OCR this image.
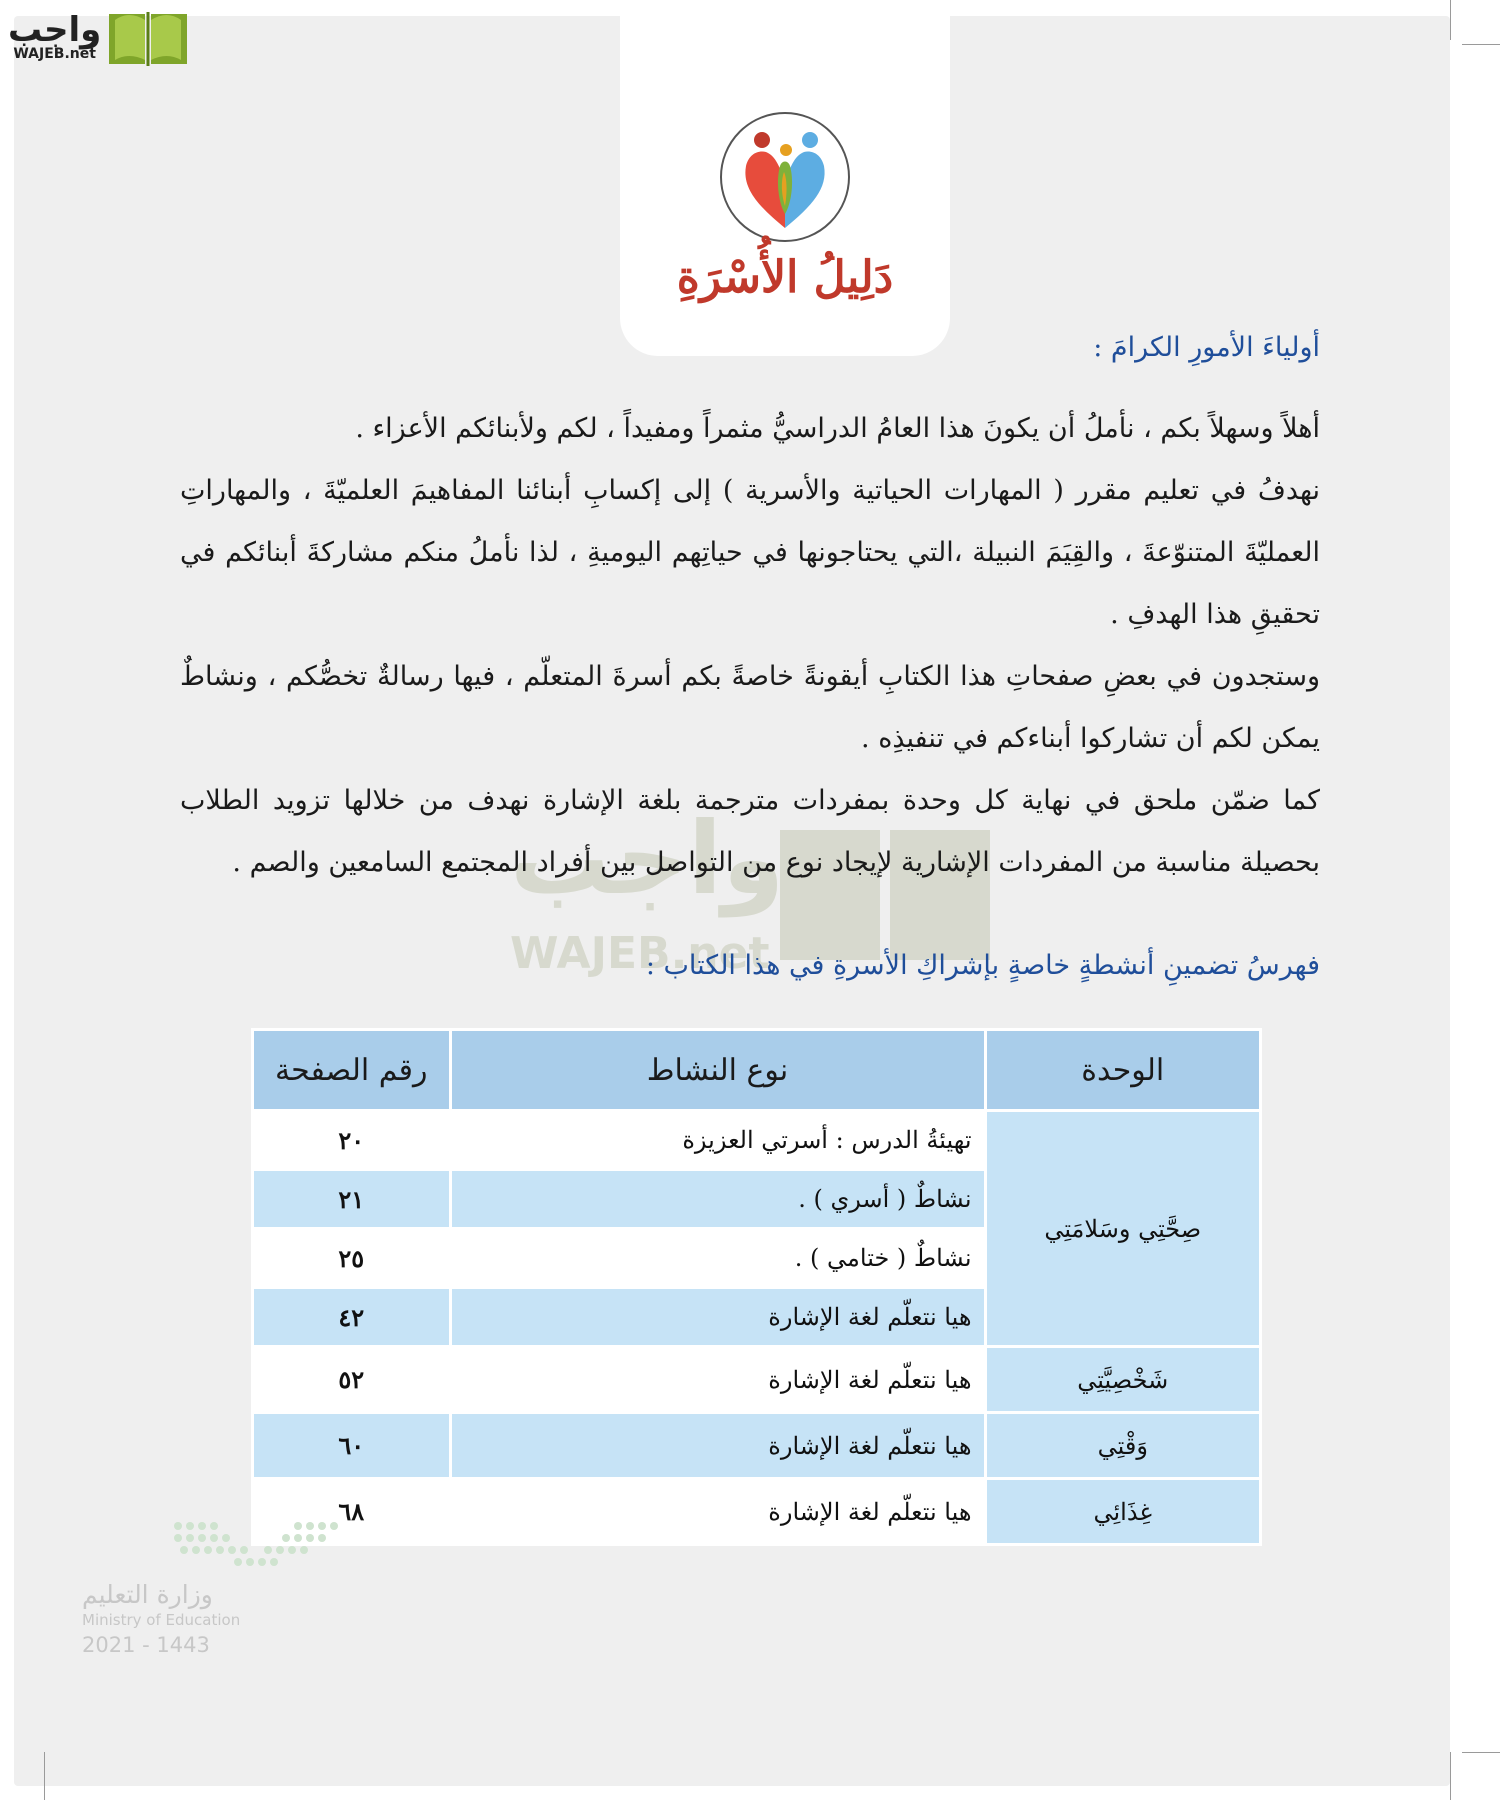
واجب
WAJEB.net
دَلِيلُ الأُسْرَةِ
واجب
WAJEB.net
أولياءَ الأمورِ الكرامَ :

أهلاً وسهلاً بكم ، نأملُ أن يكونَ هذا العامُ الدراسيُّ مثمراً ومفيداً ، لكم ولأبنائكم الأعزاء .

نهدفُ في تعليم مقرر ( المهارات الحياتية والأسرية ) إلى إكسابِ أبنائنا المفاهيمَ العلميّةَ ، والمهاراتِ العمليّةَ المتنوّعةَ ، والقِيَمَ النبيلة ،التي يحتاجونها في حياتِهم اليوميةِ ، لذا نأملُ منكم مشاركةَ أبنائكم في تحقيقِ هذا الهدفِ .

وستجدون في بعضِ صفحاتِ هذا الكتابِ أيقونةً خاصةً بكم أسرةَ المتعلّم ، فيها رسالةٌ تخصُّكم ، ونشاطٌ يمكن لكم أن تشاركوا أبناءكم في تنفيذِه .

كما ضمّن ملحق في نهاية كل وحدة بمفردات مترجمة بلغة الإشارة نهدف من خلالها تزويد الطلاب بحصيلة مناسبة من المفردات الإشارية لإيجاد نوع من التواصل بين أفراد المجتمع السامعين والصم .

فهرسُ تضمينِ أنشطةٍ خاصةٍ بإشراكِ الأسرةِ في هذا الكتاب :
الوحدة	نوع النشاط	رقم الصفحة
صِحَّتِي وسَلامَتِي	تهيئةُ الدرس : أسرتي العزيزة	٢٠
	نشاطٌ ( أسري ) .	٢١
	نشاطٌ ( ختامي ) .	٢٥
	هيا نتعلّم لغة الإشارة	٤٢
شَخْصِيَّتِي	هيا نتعلّم لغة الإشارة	٥٢
وَقْتِي	هيا نتعلّم لغة الإشارة	٦٠
غِذَائِي	هيا نتعلّم لغة الإشارة	٦٨
وزارة التعليم
Ministry of Education
2021 - 1443
